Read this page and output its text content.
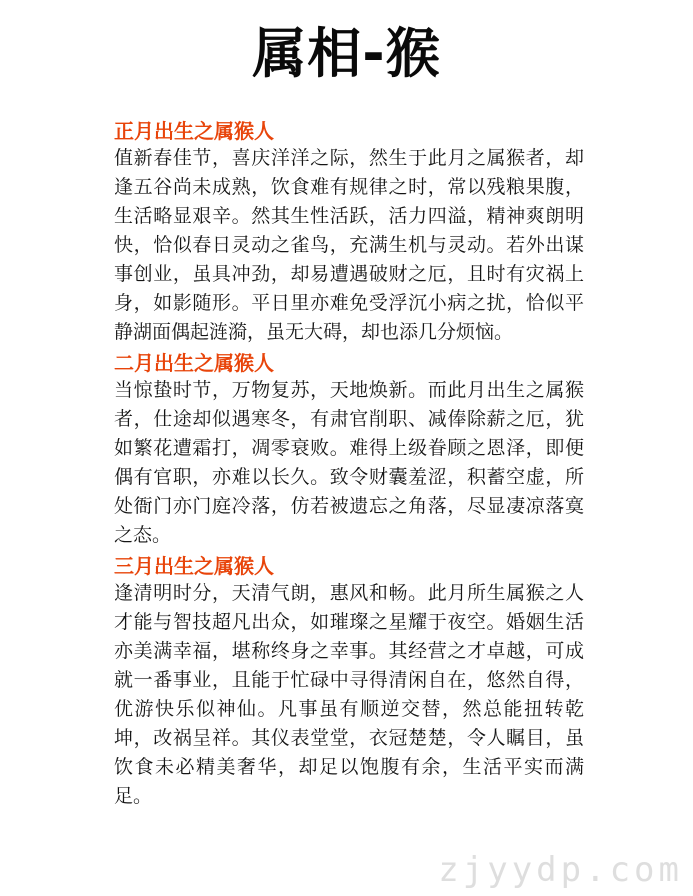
属相-猴

正月出生之属猴人

值新春佳节，喜庆洋洋之际，然生于此月之属猴者，却逢五谷尚未成熟，饮食难有规律之时，常以残粮果腹，生活略显艰辛。然其生性活跃，活力四溢，精神爽朗明快，恰似春日灵动之雀鸟，充满生机与灵动。若外出谋事创业，虽具冲劲，却易遭遇破财之厄，且时有灾祸上身，如影随形。平日里亦难免受浮沉小病之扰，恰似平静湖面偶起涟漪，虽无大碍，却也添几分烦恼。

二月出生之属猴人

当惊蛰时节，万物复苏，天地焕新。而此月出生之属猴者，仕途却似遇寒冬，有肃官削职、减俸除薪之厄，犹如繁花遭霜打，凋零衰败。难得上级眷顾之恩泽，即便偶有官职，亦难以长久。致令财囊羞涩，积蓄空虚，所处衙门亦门庭冷落，仿若被遗忘之角落，尽显凄凉落寞之态。

三月出生之属猴人

逢清明时分，天清气朗，惠风和畅。此月所生属猴之人才能与智技超凡出众，如璀璨之星耀于夜空。婚姻生活亦美满幸福，堪称终身之幸事。其经营之才卓越，可成就一番事业，且能于忙碌中寻得清闲自在，悠然自得，优游快乐似神仙。凡事虽有顺逆交替，然总能扭转乾坤，改祸呈祥。其仪表堂堂，衣冠楚楚，令人瞩目，虽饮食未必精美奢华，却足以饱腹有余，生活平实而满足。

zjyydp.com
